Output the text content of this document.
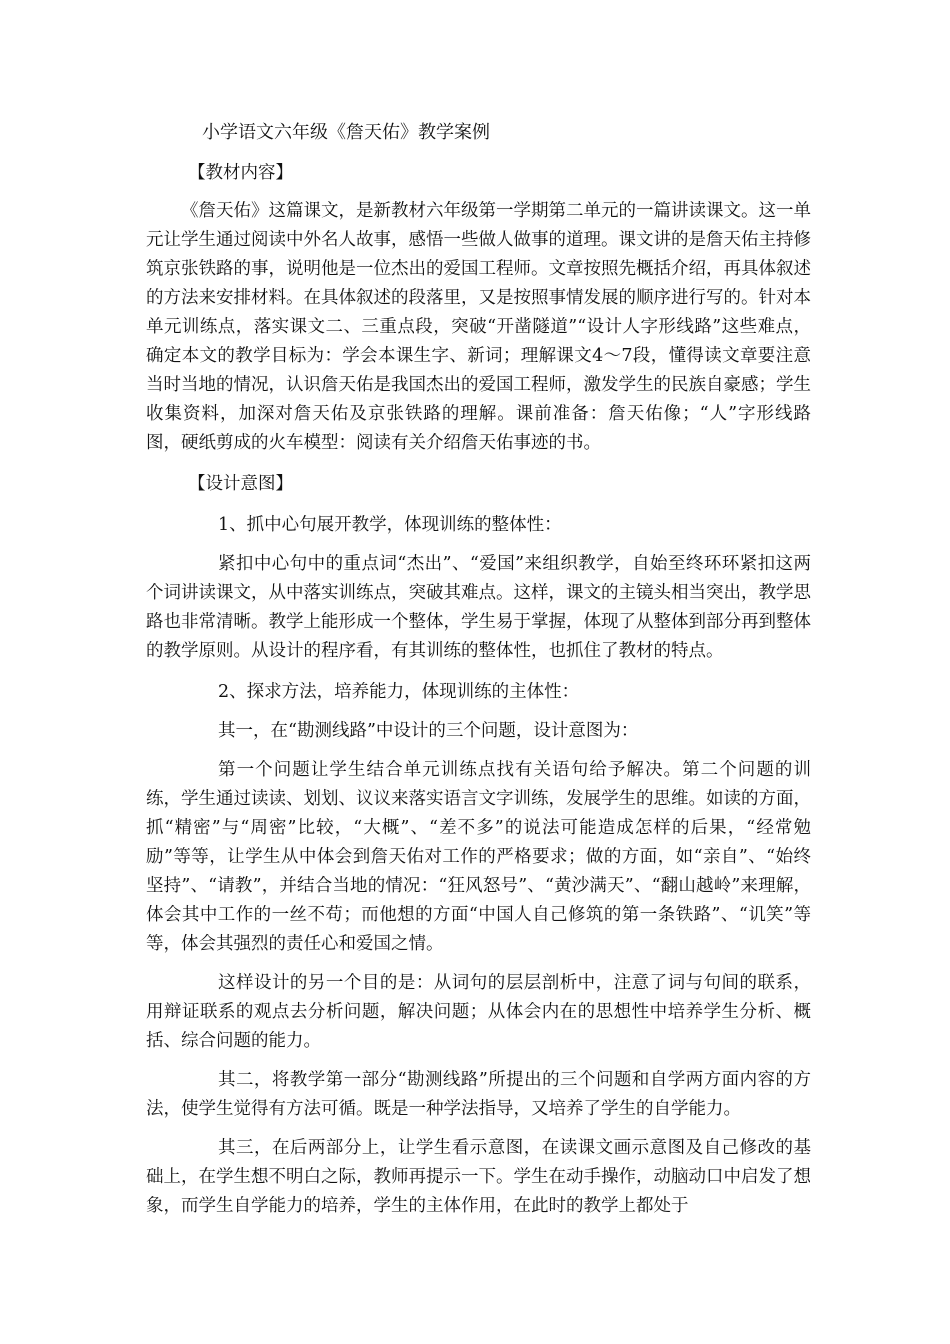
小学语文六年级《詹天佑》教学案例
【教材内容】

《詹天佑》这篇课文，是新教材六年级第一学期第二单元的一篇讲读课文。这一单元让学生通过阅读中外名人故事，感悟一些做人做事的道理。课文讲的是詹天佑主持修筑京张铁路的事，说明他是一位杰出的爱国工程师。文章按照先概括介绍，再具体叙述的方法来安排材料。在具体叙述的段落里，又是按照事情发展的顺序进行写的。针对本单元训练点，落实课文二、三重点段，突破“开凿隧道”“设计人字形线路”这些难点，确定本文的教学目标为：学会本课生字、新词；理解课文4～7段，懂得读文章要注意当时当地的情况，认识詹天佑是我国杰出的爱国工程师，激发学生的民族自豪感；学生收集资料，加深对詹天佑及京张铁路的理解。课前准备：詹天佑像；“人”字形线路图，硬纸剪成的火车模型：阅读有关介绍詹天佑事迹的书。

【设计意图】
1、抓中心句展开教学，体现训练的整体性：

紧扣中心句中的重点词“杰出”、“爱国”来组织教学，自始至终环环紧扣这两个词讲读课文，从中落实训练点，突破其难点。这样，课文的主镜头相当突出，教学思路也非常清晰。教学上能形成一个整体，学生易于掌握，体现了从整体到部分再到整体的教学原则。从设计的程序看，有其训练的整体性，也抓住了教材的特点。

2、探求方法，培养能力，体现训练的主体性：

其一，在“勘测线路”中设计的三个问题，设计意图为：

第一个问题让学生结合单元训练点找有关语句给予解决。第二个问题的训练，学生通过读读、划划、议议来落实语言文字训练，发展学生的思维。如读的方面，抓“精密”与“周密”比较，“大概”、“差不多”的说法可能造成怎样的后果，“经常勉励”等等，让学生从中体会到詹天佑对工作的严格要求；做的方面，如“亲自”、“始终坚持”、“请教”，并结合当地的情况：“狂风怒号”、“黄沙满天”、“翻山越岭”来理解，体会其中工作的一丝不苟；而他想的方面“中国人自己修筑的第一条铁路”、“讥笑”等等，体会其强烈的责任心和爱国之情。

这样设计的另一个目的是：从词句的层层剖析中，注意了词与句间的联系，用辩证联系的观点去分析问题，解决问题；从体会内在的思想性中培养学生分析、概括、综合问题的能力。

其二，将教学第一部分“勘测线路”所提出的三个问题和自学两方面内容的方法，使学生觉得有方法可循。既是一种学法指导，又培养了学生的自学能力。

其三，在后两部分上，让学生看示意图，在读课文画示意图及自己修改的基础上，在学生想不明白之际，教师再提示一下。学生在动手操作，动脑动口中启发了想象，而学生自学能力的培养，学生的主体作用，在此时的教学上都处于
